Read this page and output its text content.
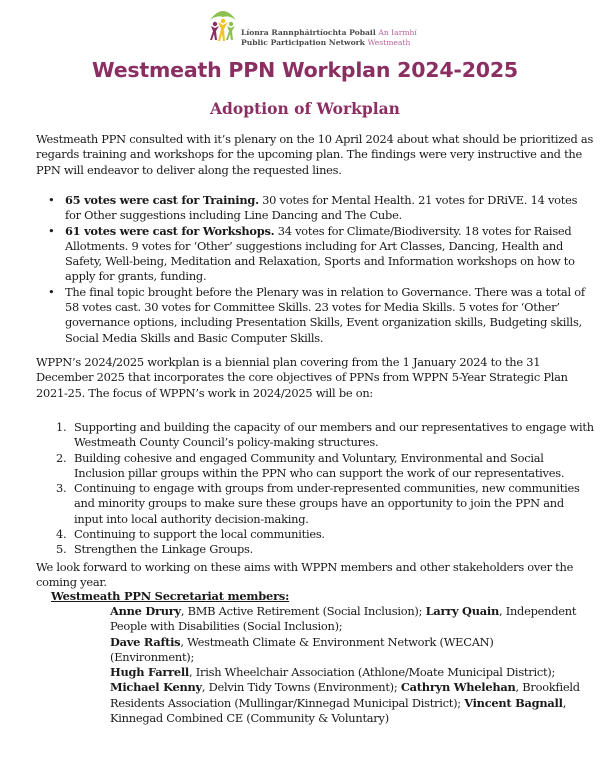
Líonra Rannpháirtíochta Pobail An Iarmhí
Public Participation Network Westmeath
Westmeath PPN Workplan 2024-2025
Adoption of Workplan
Westmeath PPN consulted with it’s plenary on the 10 April 2024 about what should be prioritized as regards training and workshops for the upcoming plan. The findings were very instructive and the PPN will endeavor to deliver along the requested lines.
• 65 votes were cast for Training. 30 votes for Mental Health. 21 votes for DRiVE. 14 votes for Other suggestions including Line Dancing and The Cube.
• 61 votes were cast for Workshops. 34 votes for Climate/Biodiversity. 18 votes for Raised Allotments. 9 votes for ‘Other’ suggestions including for Art Classes, Dancing, Health and Safety, Well-being, Meditation and Relaxation, Sports and Information workshops on how to apply for grants, funding.
• The final topic brought before the Plenary was in relation to Governance. There was a total of 58 votes cast. 30 votes for Committee Skills. 23 votes for Media Skills. 5 votes for ‘Other’ governance options, including Presentation Skills, Event organization skills, Budgeting skills, Social Media Skills and Basic Computer Skills.
WPPN’s 2024/2025 workplan is a biennial plan covering from the 1 January 2024 to the 31 December 2025 that incorporates the core objectives of PPNs from WPPN 5-Year Strategic Plan 2021-25. The focus of WPPN’s work in 2024/2025 will be on:
1. Supporting and building the capacity of our members and our representatives to engage with Westmeath County Council’s policy-making structures.
2. Building cohesive and engaged Community and Voluntary, Environmental and Social Inclusion pillar groups within the PPN who can support the work of our representatives.
3. Continuing to engage with groups from under-represented communities, new communities and minority groups to make sure these groups have an opportunity to join the PPN and input into local authority decision-making.
4. Continuing to support the local communities.
5. Strengthen the Linkage Groups.
We look forward to working on these aims with WPPN members and other stakeholders over the coming year.
Westmeath PPN Secretariat members:
Anne Drury, BMB Active Retirement (Social Inclusion); Larry Quain, Independent People with Disabilities (Social Inclusion);
Dave Raftis, Westmeath Climate & Environment Network (WECAN) (Environment);
Hugh Farrell, Irish Wheelchair Association (Athlone/Moate Municipal District);
Michael Kenny, Delvin Tidy Towns (Environment); Cathryn Whelehan, Brookfield Residents Association (Mullingar/Kinnegad Municipal District); Vincent Bagnall, Kinnegad Combined CE (Community & Voluntary)
